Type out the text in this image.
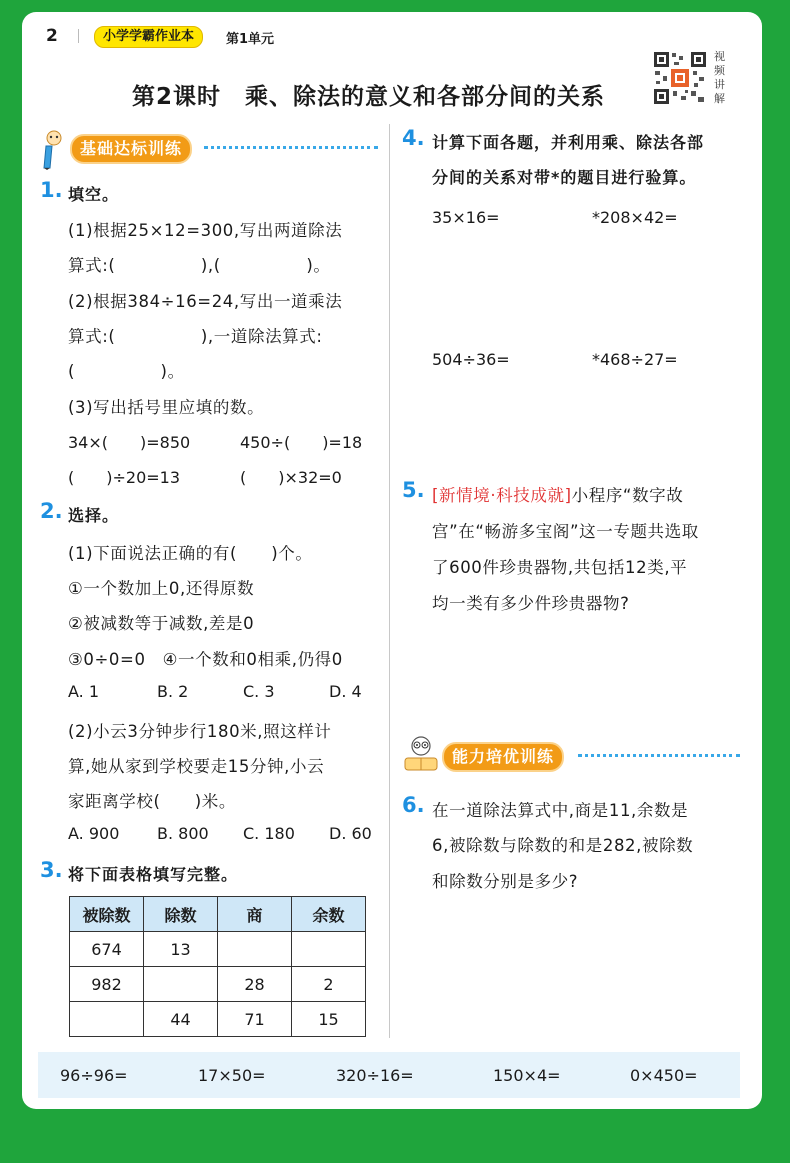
2	小学学霸作业本	第1单元
第2课时　乘、除法的意义和各部分间的关系
视频讲解
基础达标训练
1. 填空。
(1)根据25×12=300,写出两道除法
算式:(　　　　　),(　　　　　)。
(2)根据384÷16=24,写出一道乘法
算式:(　　　　　),一道除法算式:
(　　　　　)。
(3)写出括号里应填的数。
34×(　　)=850	450÷(　　)=18
(　　)÷20=13	(　　)×32=0
2. 选择。
(1)下面说法正确的有(　　)个。
①一个数加上0,还得原数
②被减数等于减数,差是0
③0÷0=0　④一个数和0相乘,仍得0
A. 1	B. 2	C. 3	D. 4
(2)小云3分钟步行180米,照这样计
算,她从家到学校要走15分钟,小云
家距离学校(　　)米。
A. 900 B. 800 C. 180 D. 60
3. 将下面表格填写完整。
被除数	除数	商	余数
674	13		
982		28	2
	44	71	15
4. 计算下面各题，并利用乘、除法各部
分间的关系对带*的题目进行验算。
35×16=	*208×42=
504÷36=	*468÷27=
5. [新情境·科技成就]小程序“数字故
宫”在“畅游多宝阁”这一专题共选取
了600件珍贵器物,共包括12类,平
均一类有多少件珍贵器物?
能力培优训练
6. 在一道除法算式中,商是11,余数是
6,被除数与除数的和是282,被除数
和除数分别是多少?
96÷96=	17×50=	320÷16=	150×4=	0×450=
